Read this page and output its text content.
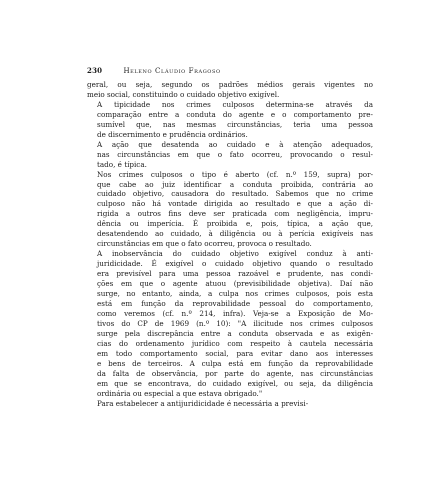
230	Heleno Cláudio Fragoso

geral, ou seja, segundo os padrões médios gerais vigentes no
meio social, constituindo o cuidado objetivo exigível.

A tipicidade nos crimes culposos determina-se através da
comparação entre a conduta do agente e o comportamento pre-
sumível que, nas mesmas circunstâncias, teria uma pessoa
de discernimento e prudência ordinários.

A ação que desatenda ao cuidado e à atenção adequados,
nas circunstâncias em que o fato ocorreu, provocando o resul-
tado, é típica.

Nos crimes culposos o tipo é aberto (cf. n.º 159, supra) por-
que cabe ao juiz identificar a conduta proibida, contrária ao
cuidado objetivo, causadora do resultado. Sabemos que no crime
culposo não há vontade dirigida ao resultado e que a ação di-
rigida a outros fins deve ser praticada com negligência, impru-
dência ou imperícia. É proibida e, pois, típica, a ação que,
desatendendo ao cuidado, à diligência ou à perícia exigíveis nas
circunstâncias em que o fato ocorreu, provoca o resultado.

A inobservância do cuidado objetivo exigível conduz à anti-
juridicidade. É exigível o cuidado objetivo quando o resultado
era previsível para uma pessoa razoável e prudente, nas condi-
ções em que o agente atuou (previsibilidade objetiva). Daí não
surge, no entanto, ainda, a culpa nos crimes culposos, pois esta
está em função da reprovabilidade pessoal do comportamento,
como veremos (cf. n.º 214, infra). Veja-se a Exposição de Mo-
tivos do CP de 1969 (n.º 10): "A ilicitude nos crimes culposos
surge pela discrepância entre a conduta observada e as exigên-
cias do ordenamento jurídico com respeito à cautela necessária
em todo comportamento social, para evitar dano aos interesses
e bens de terceiros. A culpa está em função da reprovabilidade
da falta de observância, por parte do agente, nas circunstâncias
em que se encontrava, do cuidado exigível, ou seja, da diligência
ordinária ou especial a que estava obrigado."

Para estabelecer a antijuridicidade é necessária a previsi-
